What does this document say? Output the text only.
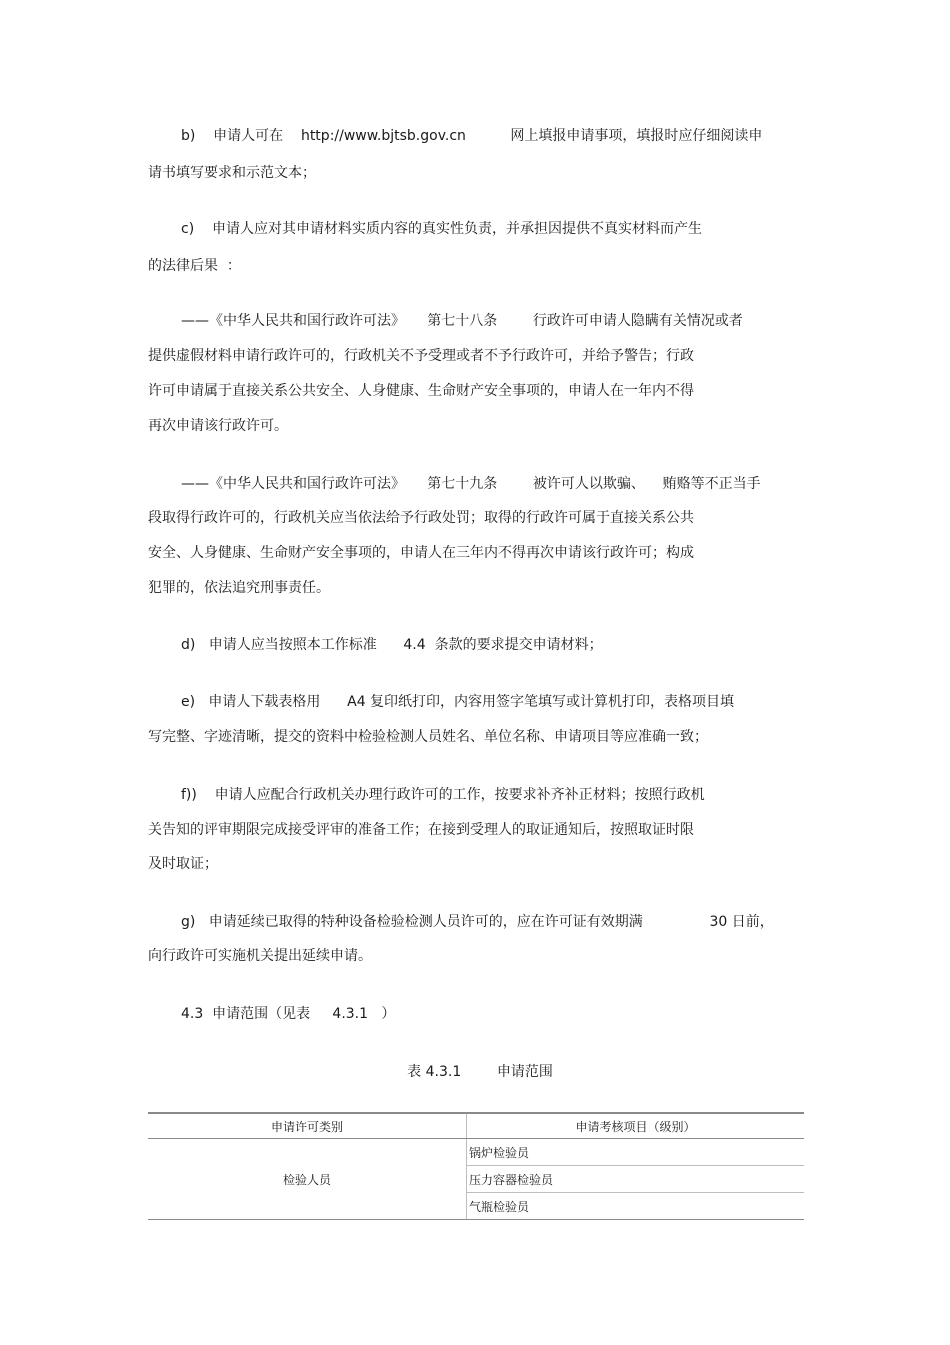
b)    申请人可在    http://www.bjtsb.gov.cn          网上填报申请事项，填报时应仔细阅读申
请书填写要求和示范文本；
c)    申请人应对其申请材料实质内容的真实性负责，并承担因提供不真实材料而产生
的法律后果  ：
——《中华人民共和国行政许可法》     第七十八条        行政许可申请人隐瞒有关情况或者
提供虚假材料申请行政许可的，行政机关不予受理或者不予行政许可，并给予警告；行政
许可申请属于直接关系公共安全、人身健康、生命财产安全事项的，申请人在一年内不得
再次申请该行政许可。
——《中华人民共和国行政许可法》     第七十九条        被许可人以欺骗、    贿赂等不正当手
段取得行政许可的，行政机关应当依法给予行政处罚；取得的行政许可属于直接关系公共
安全、人身健康、生命财产安全事项的，申请人在三年内不得再次申请该行政许可；构成
犯罪的，依法追究刑事责任。
d)   申请人应当按照本工作标准      4.4  条款的要求提交申请材料；
e)   申请人下载表格用      A4 复印纸打印，内容用签字笔填写或计算机打印，表格项目填
写完整、字迹清晰，提交的资料中检验检测人员姓名、单位名称、申请项目等应准确一致；
f))    申请人应配合行政机关办理行政许可的工作，按要求补齐补正材料；按照行政机
关告知的评审期限完成接受评审的准备工作；在接到受理人的取证通知后，按照取证时限
及时取证；
g)   申请延续已取得的特种设备检验检测人员许可的，应在许可证有效期满               30 日前，
向行政许可实施机关提出延续申请。
4.3  申请范围（见表     4.3.1   ）
表 4.3.1        申请范围
申请许可类别	申请考核项目（级别）
检验人员	锅炉检验员
	压力容器检验员
	气瓶检验员
